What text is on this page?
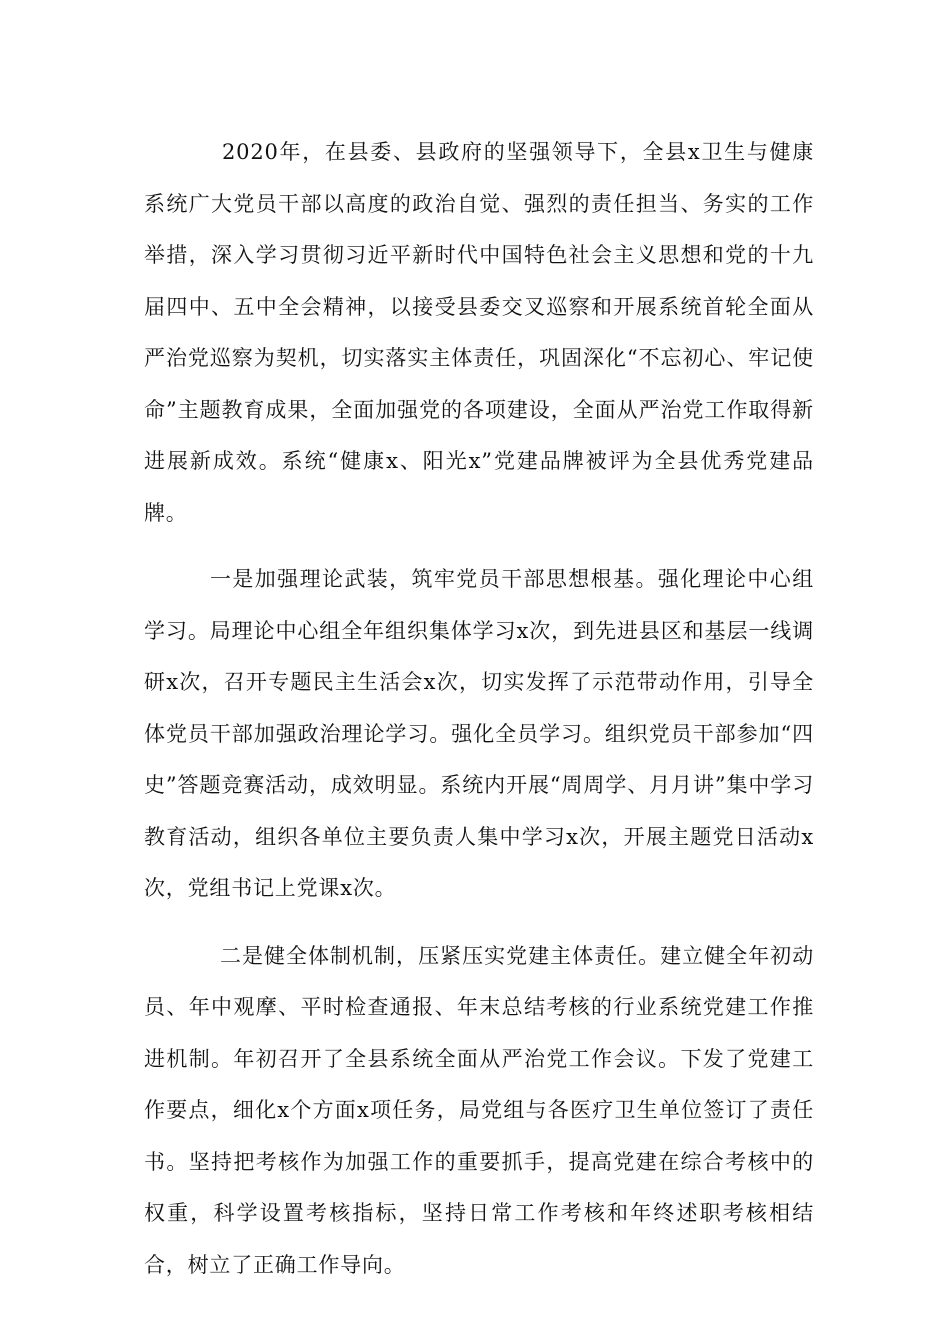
2020年，在县委、县政府的坚强领导下，全县x卫生与健康系统广大党员干部以高度的政治自觉、强烈的责任担当、务实的工作举措，深入学习贯彻习近平新时代中国特色社会主义思想和党的十九届四中、五中全会精神，以接受县委交叉巡察和开展系统首轮全面从严治党巡察为契机，切实落实主体责任，巩固深化“不忘初心、牢记使命”主题教育成果，全面加强党的各项建设，全面从严治党工作取得新进展新成效。系统“健康x、阳光x”党建品牌被评为全县优秀党建品牌。

一是加强理论武装，筑牢党员干部思想根基。强化理论中心组学习。局理论中心组全年组织集体学习x次，到先进县区和基层一线调研x次，召开专题民主生活会x次，切实发挥了示范带动作用，引导全体党员干部加强政治理论学习。强化全员学习。组织党员干部参加“四史”答题竞赛活动，成效明显。系统内开展“周周学、月月讲”集中学习教育活动，组织各单位主要负责人集中学习x次，开展主题党日活动x次，党组书记上党课x次。

二是健全体制机制，压紧压实党建主体责任。建立健全年初动员、年中观摩、平时检查通报、年末总结考核的行业系统党建工作推进机制。年初召开了全县系统全面从严治党工作会议。下发了党建工作要点，细化x个方面x项任务，局党组与各医疗卫生单位签订了责任书。坚持把考核作为加强工作的重要抓手，提高党建在综合考核中的权重，科学设置考核指标，坚持日常工作考核和年终述职考核相结合，树立了正确工作导向。
